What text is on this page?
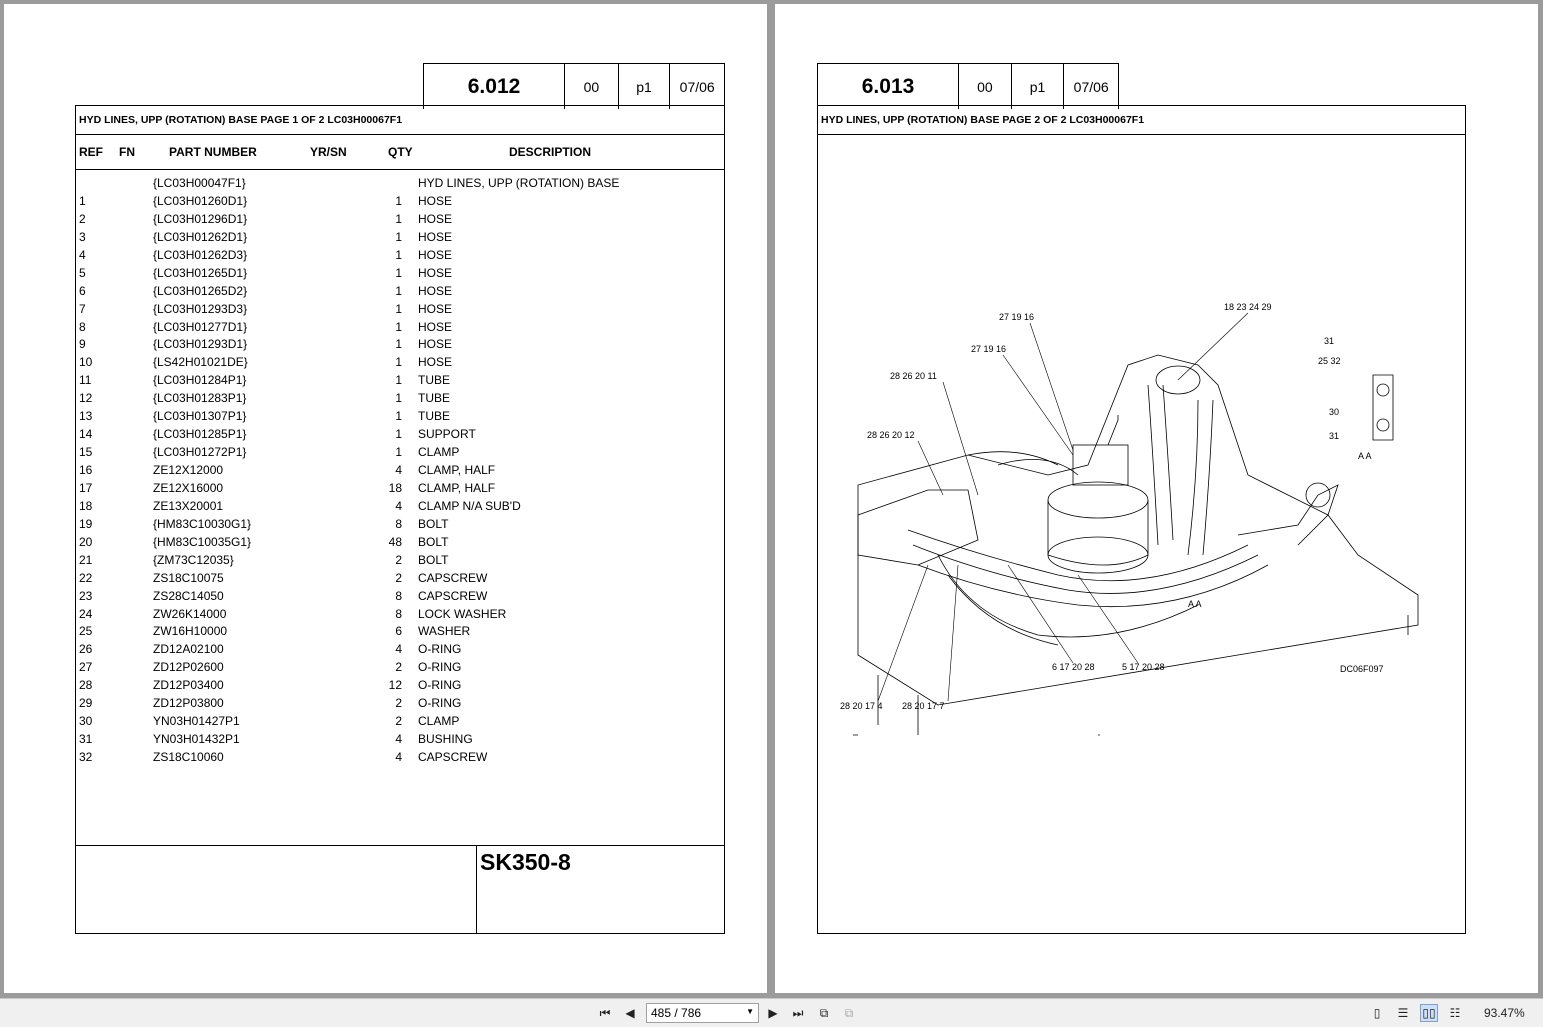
6.012	00	p1	07/06
HYD LINES, UPP (ROTATION) BASE PAGE 1 OF 2 LC03H00067F1
REF FN	PART NUMBER	YR/SN	QTY	DESCRIPTION
{LC03H00047F1}	HYD LINES, UPP (ROTATION) BASE
1	{LC03H01260D1}	1 HOSE
2	{LC03H01296D1}	1 HOSE
3	{LC03H01262D1}	1 HOSE
4	{LC03H01262D3}	1 HOSE
5	{LC03H01265D1}	1 HOSE
6	{LC03H01265D2}	1 HOSE
7	{LC03H01293D3}	1 HOSE
8	{LC03H01277D1}	1 HOSE
9	{LC03H01293D1}	1 HOSE
10	{LS42H01021DE}	1 HOSE
11	{LC03H01284P1}	1 TUBE
12	{LC03H01283P1}	1 TUBE
13	{LC03H01307P1}	1 TUBE
14	{LC03H01285P1}	1 SUPPORT
15	{LC03H01272P1}	1 CLAMP
16	ZE12X12000	4 CLAMP, HALF
17	ZE12X16000	18 CLAMP, HALF
18	ZE13X20001	4 CLAMP N/A SUB'D
19	{HM83C10030G1}	8 BOLT
20	{HM83C10035G1}	48 BOLT
21	{ZM73C12035}	2 BOLT
22	ZS18C10075	2 CAPSCREW
23	ZS28C14050	8 CAPSCREW
24	ZW26K14000	8 LOCK WASHER
25	ZW16H10000	6 WASHER
26	ZD12A02100	4 O-RING
27	ZD12P02600	2 O-RING
28	ZD12P03400	12 O-RING
29	ZD12P03800	2 O-RING
30	YN03H01427P1	2 CLAMP
31	YN03H01432P1	4 BUSHING
32	ZS18C10060	4 CAPSCREW
SK350-8
6.013	00	p1	07/06
HYD LINES, UPP (ROTATION) BASE PAGE 2 OF 2 LC03H00067F1
27 19 16
27 19 16
28 26 20 11
28 26 20 12
18 23 24 29
31
25 32
30
31
A A
A A
6 17 20 28	5 17 20 28
28 20 17 4 28 20 17 7
DC06F097
⏮	◀	485 / 786	▼	▶	⏭	⧉	⧉	▯	☰	▯▯	☷	93.47%
